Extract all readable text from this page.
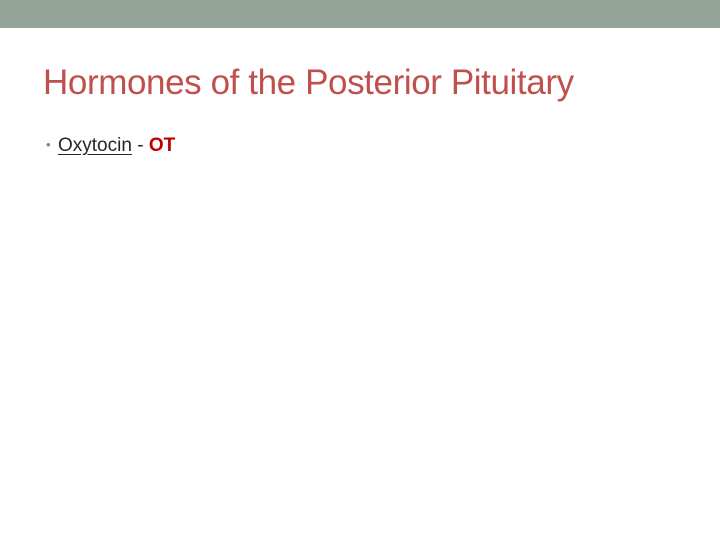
Hormones of the Posterior Pituitary
• Oxytocin - OT
